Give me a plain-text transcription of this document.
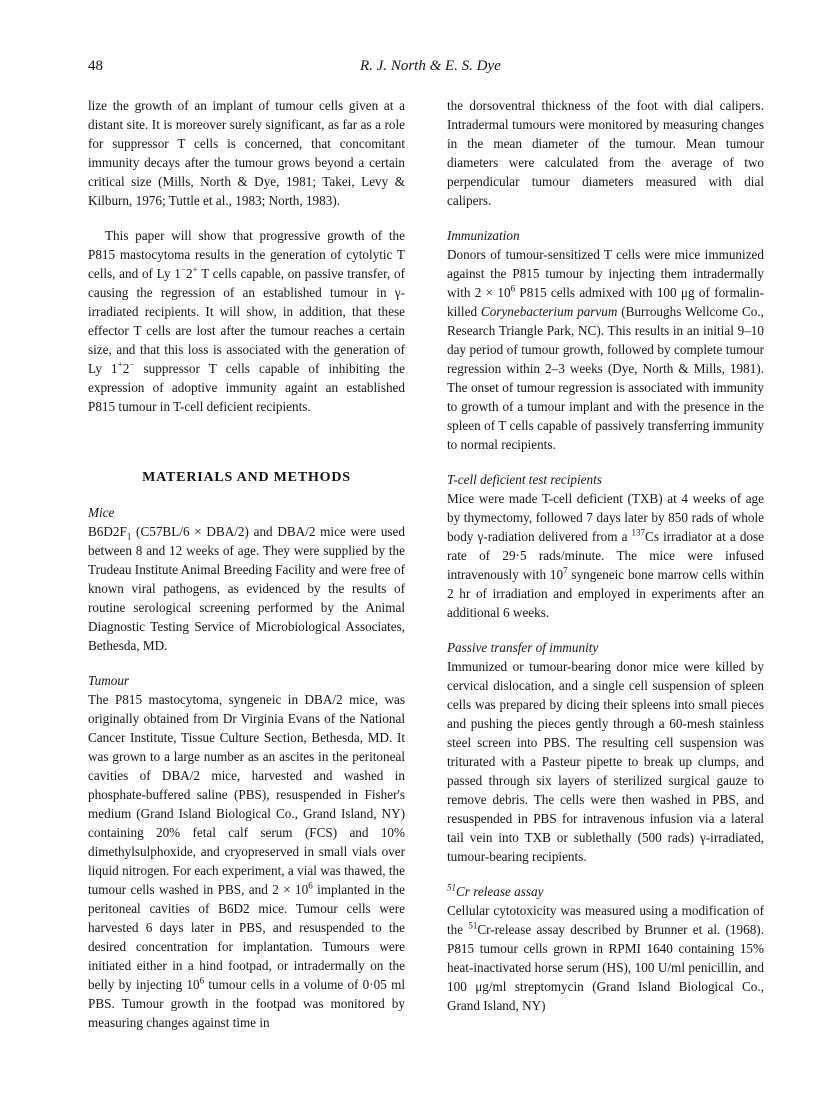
48	R. J. North & E. S. Dye

lize the growth of an implant of tumour cells given at a distant site. It is moreover surely significant, as far as a role for suppressor T cells is concerned, that concomitant immunity decays after the tumour grows beyond a certain critical size (Mills, North & Dye, 1981; Takei, Levy & Kilburn, 1976; Tuttle et al., 1983; North, 1983).

This paper will show that progressive growth of the P815 mastocytoma results in the generation of cytolytic T cells, and of Ly 1−2+ T cells capable, on passive transfer, of causing the regression of an established tumour in γ-irradiated recipients. It will show, in addition, that these effector T cells are lost after the tumour reaches a certain size, and that this loss is associated with the generation of Ly 1+2− suppressor T cells capable of inhibiting the expression of adoptive immunity againt an established P815 tumour in T-cell deficient recipients.

MATERIALS AND METHODS

Mice

$B6D2F_1$ (C57BL/6 × DBA/2) and DBA/2 mice were used between 8 and 12 weeks of age. They were supplied by the Trudeau Institute Animal Breeding Facility and were free of known viral pathogens, as evidenced by the results of routine serological screening performed by the Animal Diagnostic Testing Service of Microbiological Associates, Bethesda, MD.

Tumour

The P815 mastocytoma, syngeneic in DBA/2 mice, was originally obtained from Dr Virginia Evans of the National Cancer Institute, Tissue Culture Section, Bethesda, MD. It was grown to a large number as an ascites in the peritoneal cavities of DBA/2 mice, harvested and washed in phosphate-buffered saline (PBS), resuspended in Fisher's medium (Grand Island Biological Co., Grand Island, NY) containing 20% fetal calf serum (FCS) and 10% dimethylsulphoxide, and cryopreserved in small vials over liquid nitrogen. For each experiment, a vial was thawed, the tumour cells washed in PBS, and $2 \times 10^6$ implanted in the peritoneal cavities of B6D2 mice. Tumour cells were harvested 6 days later in PBS, and resuspended to the desired concentration for implantation. Tumours were initiated either in a hind footpad, or intradermally on the belly by injecting $10^6$ tumour cells in a volume of 0·05 ml PBS. Tumour growth in the footpad was monitored by measuring changes against time in

the dorsoventral thickness of the foot with dial calipers. Intradermal tumours were monitored by measuring changes in the mean diameter of the tumour. Mean tumour diameters were calculated from the average of two perpendicular tumour diameters measured with dial calipers.

Immunization

Donors of tumour-sensitized T cells were mice immunized against the P815 tumour by injecting them intradermally with $2 \times 10^6$ P815 cells admixed with 100 μg of formalin-killed Corynebacterium parvum (Burroughs Wellcome Co., Research Triangle Park, NC). This results in an initial 9–10 day period of tumour growth, followed by complete tumour regression within 2–3 weeks (Dye, North & Mills, 1981). The onset of tumour regression is associated with immunity to growth of a tumour implant and with the presence in the spleen of T cells capable of passively transferring immunity to normal recipients.

T-cell deficient test recipients

Mice were made T-cell deficient (TXB) at 4 weeks of age by thymectomy, followed 7 days later by 850 rads of whole body γ-radiation delivered from a $^{137}$Cs irradiator at a dose rate of 29·5 rads/minute. The mice were infused intravenously with $10^7$ syngeneic bone marrow cells within 2 hr of irradiation and employed in experiments after an additional 6 weeks.

Passive transfer of immunity

Immunized or tumour-bearing donor mice were killed by cervical dislocation, and a single cell suspension of spleen cells was prepared by dicing their spleens into small pieces and pushing the pieces gently through a 60-mesh stainless steel screen into PBS. The resulting cell suspension was triturated with a Pasteur pipette to break up clumps, and passed through six layers of sterilized surgical gauze to remove debris. The cells were then washed in PBS, and resuspended in PBS for intravenous infusion via a lateral tail vein into TXB or sublethally (500 rads) γ-irradiated, tumour-bearing recipients.

$^{51}$Cr release assay

Cellular cytotoxicity was measured using a modification of the $^{51}$Cr-release assay described by Brunner et al. (1968). P815 tumour cells grown in RPMI 1640 containing 15% heat-inactivated horse serum (HS), 100 U/ml penicillin, and 100 μg/ml streptomycin (Grand Island Biological Co., Grand Island, NY)
